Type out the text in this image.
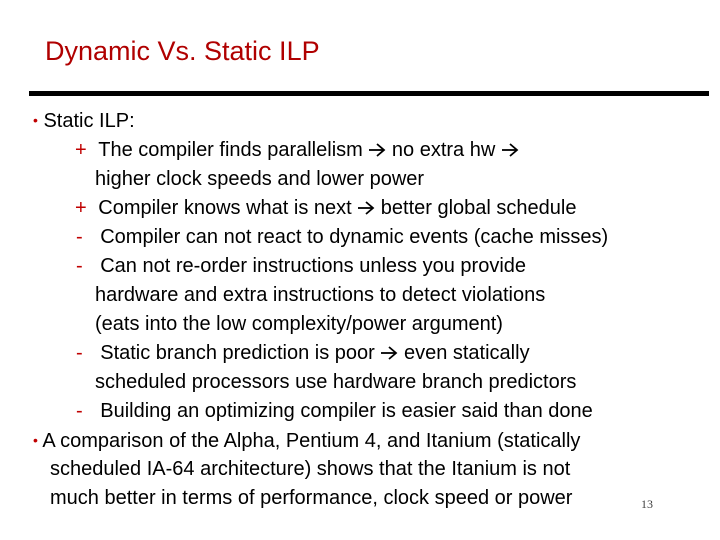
Dynamic Vs. Static ILP
• Static ILP:
+ The compiler finds parallelism  no extra hw
higher clock speeds and lower power
+ Compiler knows what is next  better global schedule
- Compiler can not react to dynamic events (cache misses)
- Can not re-order instructions unless you provide
hardware and extra instructions to detect violations
(eats into the low complexity/power argument)
- Static branch prediction is poor  even statically
scheduled processors use hardware branch predictors
- Building an optimizing compiler is easier said than done
• A comparison of the Alpha, Pentium 4, and Itanium (statically
scheduled IA-64 architecture) shows that the Itanium is not
much better in terms of performance, clock speed or power	13
